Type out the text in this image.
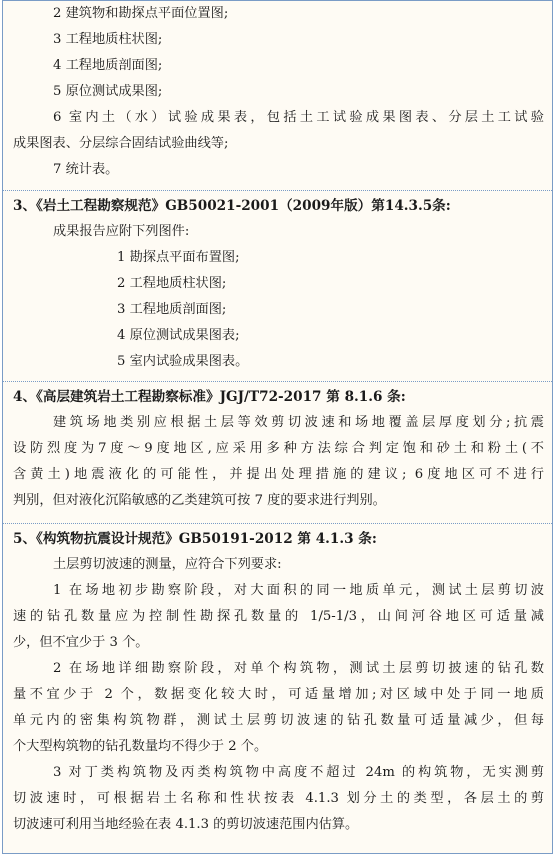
2 建筑物和勘探点平面位置图;
3 工程地质柱状图;
4 工程地质剖面图;
5 原位测试成果图;
6 室内土（水）试验成果表，包括土工试验成果图表、分层土工试验
成果图表、分层综合固结试验曲线等;
7 统计表。
3、《岩土工程勘察规范》GB50021-2001（2009年版）第14.3.5条:
成果报告应附下列图件:
1 勘探点平面布置图;
2 工程地质柱状图;
3 工程地质剖面图;
4 原位测试成果图表;
5 室内试验成果图表。
4、《高层建筑岩土工程勘察标准》JGJ/T72-2017 第 8.1.6 条:
建筑场地类别应根据土层等效剪切波速和场地覆盖层厚度划分;抗震
设防烈度为7度～9度地区,应采用多种方法综合判定饱和砂土和粉土(不
含黄土)地震液化的可能性，并提出处理措施的建议; 6度地区可不进行
判别，但对液化沉陷敏感的乙类建筑可按 7 度的要求进行判别。
5、《构筑物抗震设计规范》GB50191-2012 第 4.1.3 条:
土层剪切波速的测量，应符合下列要求:
1 在场地初步勘察阶段，对大面积的同一地质单元，测试土层剪切波
速的钻孔数量应为控制性勘探孔数量的 1/5-1/3，山间河谷地区可适量减
少，但不宜少于 3 个。
2 在场地详细勘察阶段，对单个构筑物，测试土层剪切披速的钻孔数
量不宜少于 2 个，数据变化较大时，可适量增加;对区域中处于同一地质
单元内的密集构筑物群，测试土层剪切波速的钻孔数量可适量减少，但每
个大型构筑物的钻孔数量均不得少于 2 个。
3 对丁类构筑物及丙类构筑物中高度不超过 24m 的构筑物，无实测剪
切波速时，可根据岩土名称和性状按表 4.1.3 划分土的类型，各层土的剪
切波速可利用当地经验在表 4.1.3 的剪切波速范围内估算。
